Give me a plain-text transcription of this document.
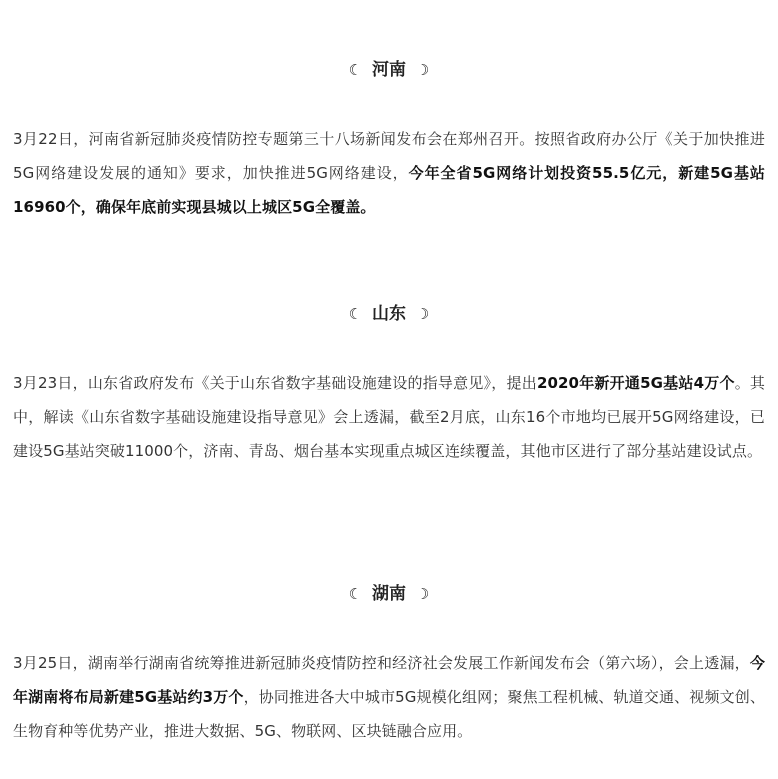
☾ 河南 ☽

3月22日，河南省新冠肺炎疫情防控专题第三十八场新闻发布会在郑州召开。按照省政府办公厅《关于加快推进5G网络建设发展的通知》要求，加快推进5G网络建设，今年全省5G网络计划投资55.5亿元，新建5G基站16960个，确保年底前实现县城以上城区5G全覆盖。

☾ 山东 ☽

3月23日，山东省政府发布《关于山东省数字基础设施建设的指导意见》，提出2020年新开通5G基站4万个。其中，解读《山东省数字基础设施建设指导意见》会上透漏，截至2月底，山东16个市地均已展开5G网络建设，已建设5G基站突破11000个，济南、青岛、烟台基本实现重点城区连续覆盖，其他市区进行了部分基站建设试点。

☾ 湖南 ☽

3月25日，湖南举行湖南省统筹推进新冠肺炎疫情防控和经济社会发展工作新闻发布会（第六场），会上透漏，今年湖南将布局新建5G基站约3万个，协同推进各大中城市5G规模化组网；聚焦工程机械、轨道交通、视频文创、生物育种等优势产业，推进大数据、5G、物联网、区块链融合应用。
